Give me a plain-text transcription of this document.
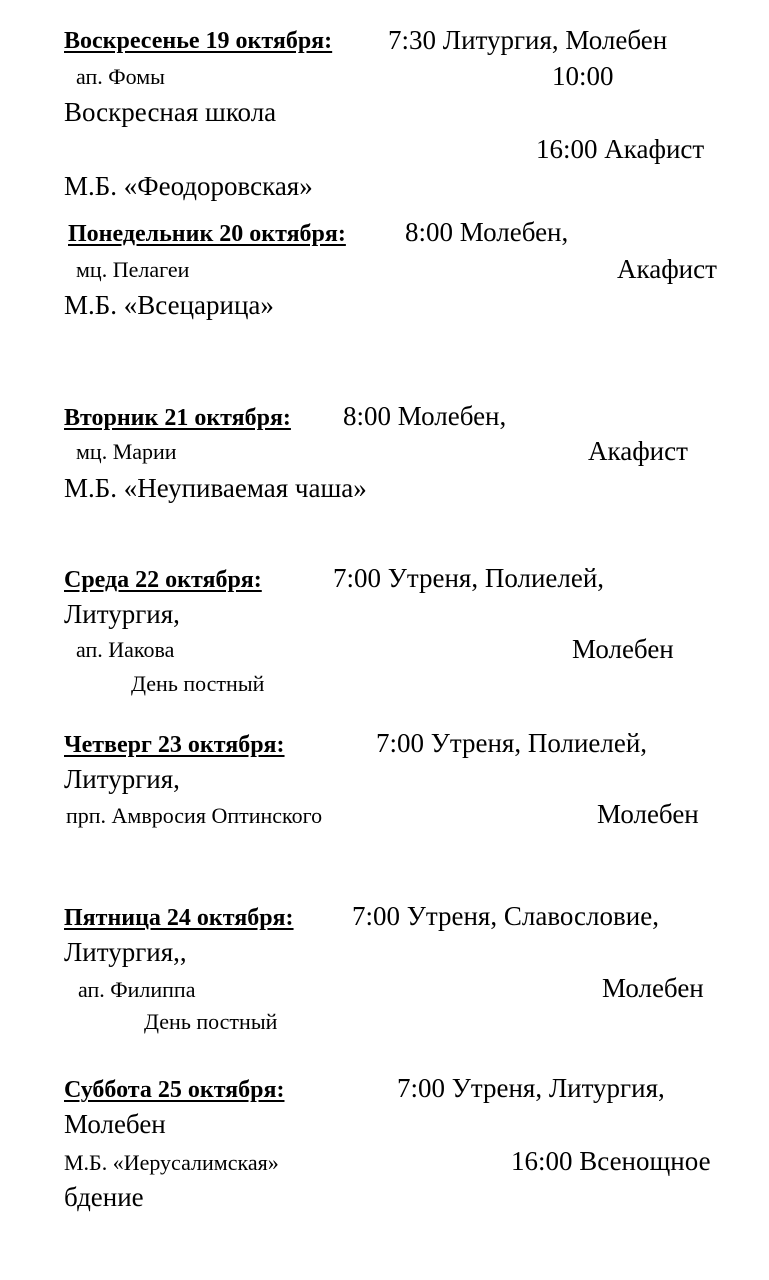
Воскресенье 19 октября: 7:30 Литургия, Молебен
ап. Фомы	10:00
Воскресная школа
16:00 Акафист
М.Б. «Феодоровская»
Понедельник 20 октября: 8:00 Молебен,
мц. Пелагеи	Акафист
М.Б. «Всецарица»
Вторник 21 октября: 8:00 Молебен,
мц. Марии	Акафист
М.Б. «Неупиваемая чаша»
Среда 22 октября:	7:00 Утреня, Полиелей,
Литургия,
ап. Иакова	Молебен
День постный
Четверг 23 октября:	7:00 Утреня, Полиелей,
Литургия,
прп. Амвросия Оптинского	Молебен
Пятница 24 октября: 7:00 Утреня, Славословие,
Литургия,,
ап. Филиппа	Молебен
День постный
Суббота 25 октября:	7:00 Утреня, Литургия,
Молебен
М.Б. «Иерусалимская»	16:00 Всенощное
бдение
